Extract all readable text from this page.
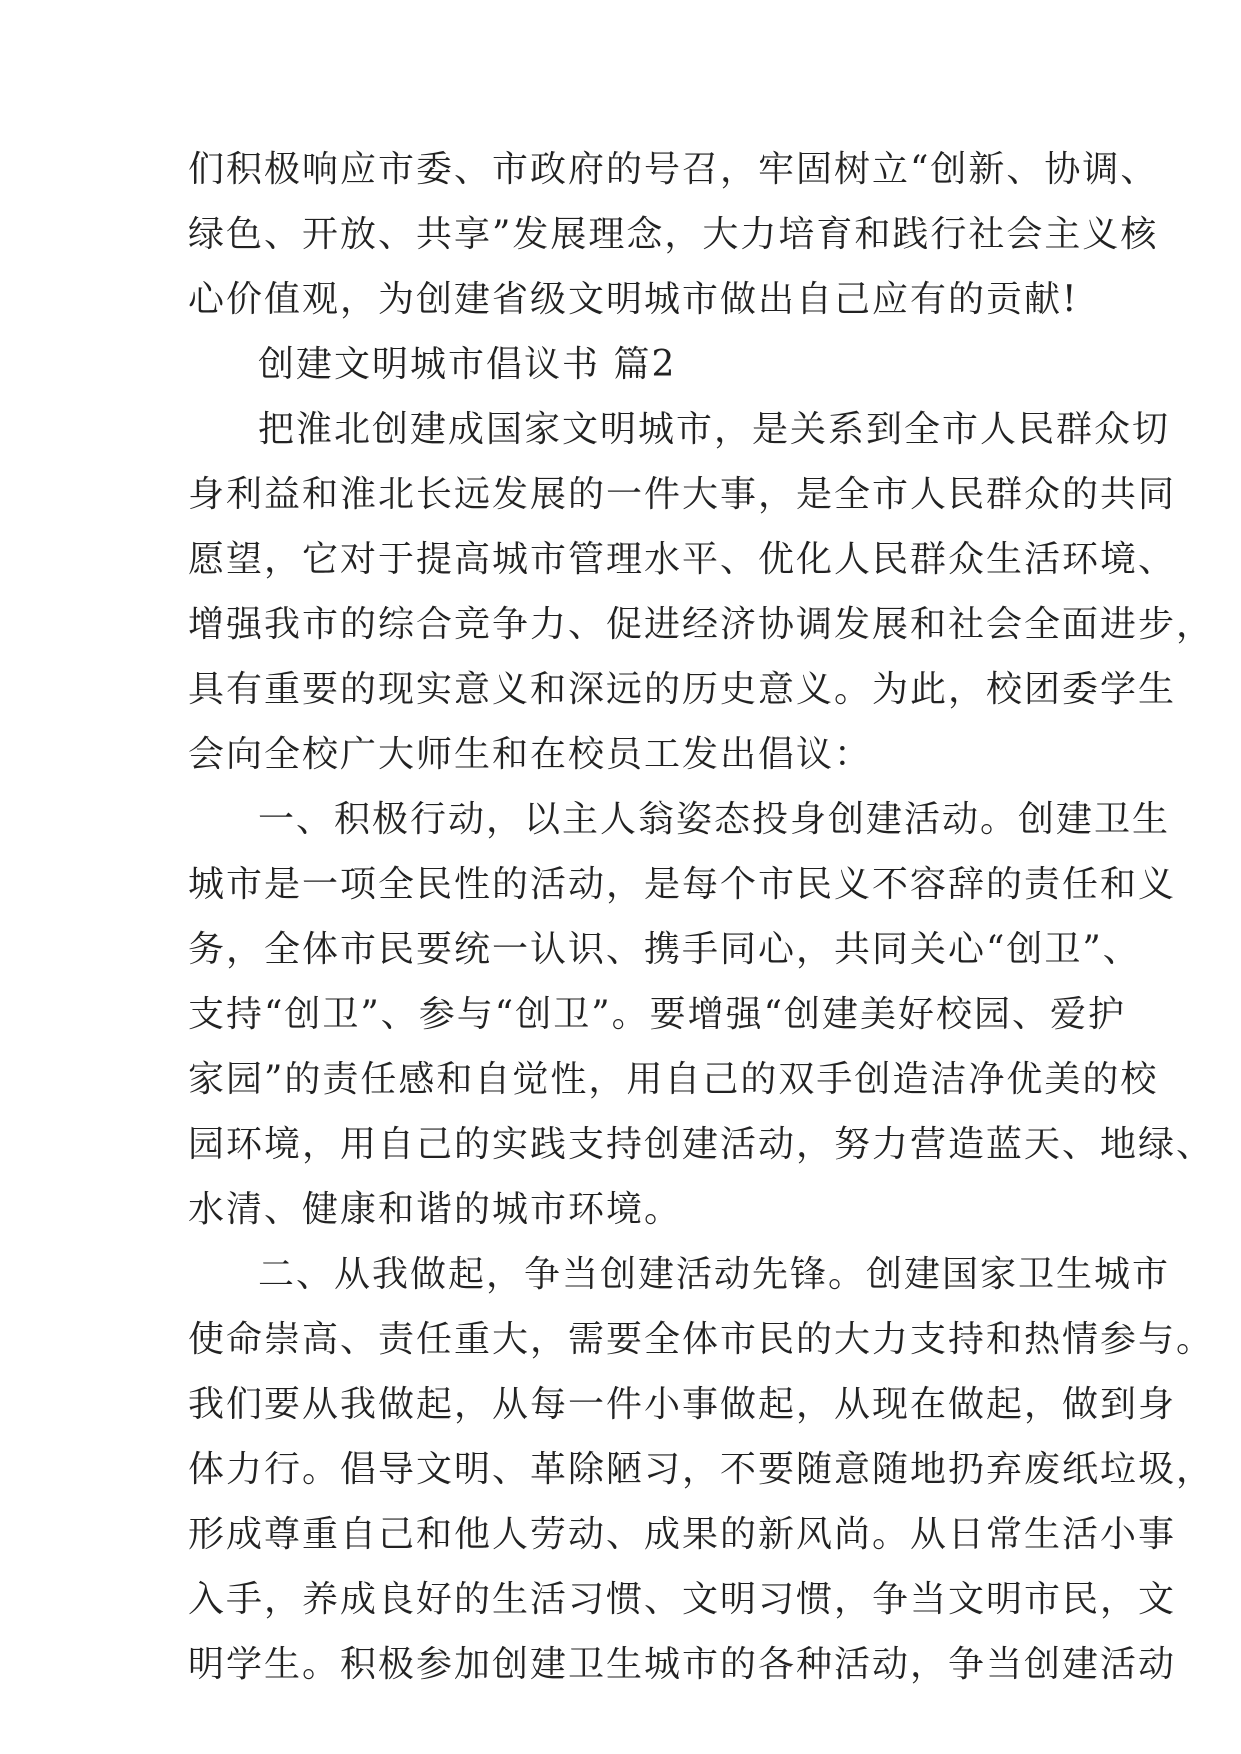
们积极响应市委、市政府的号召，牢固树立“创新、协调、
绿色、开放、共享”发展理念，大力培育和践行社会主义核
心价值观，为创建省级文明城市做出自己应有的贡献!
创建文明城市倡议书 篇2
把淮北创建成国家文明城市，是关系到全市人民群众切
身利益和淮北长远发展的一件大事，是全市人民群众的共同
愿望，它对于提高城市管理水平、优化人民群众生活环境、
增强我市的综合竞争力、促进经济协调发展和社会全面进步，
具有重要的现实意义和深远的历史意义。为此，校团委学生
会向全校广大师生和在校员工发出倡议：
一、积极行动，以主人翁姿态投身创建活动。创建卫生
城市是一项全民性的活动，是每个市民义不容辞的责任和义
务，全体市民要统一认识、携手同心，共同关心“创卫”、
支持“创卫”、参与“创卫”。要增强“创建美好校园、爱护
家园”的责任感和自觉性，用自己的双手创造洁净优美的校
园环境，用自己的实践支持创建活动，努力营造蓝天、地绿、
水清、健康和谐的城市环境。
二、从我做起，争当创建活动先锋。创建国家卫生城市
使命崇高、责任重大，需要全体市民的大力支持和热情参与。
我们要从我做起，从每一件小事做起，从现在做起，做到身
体力行。倡导文明、革除陋习，不要随意随地扔弃废纸垃圾，
形成尊重自己和他人劳动、成果的新风尚。从日常生活小事
入手，养成良好的生活习惯、文明习惯，争当文明市民，文
明学生。积极参加创建卫生城市的各种活动，争当创建活动
